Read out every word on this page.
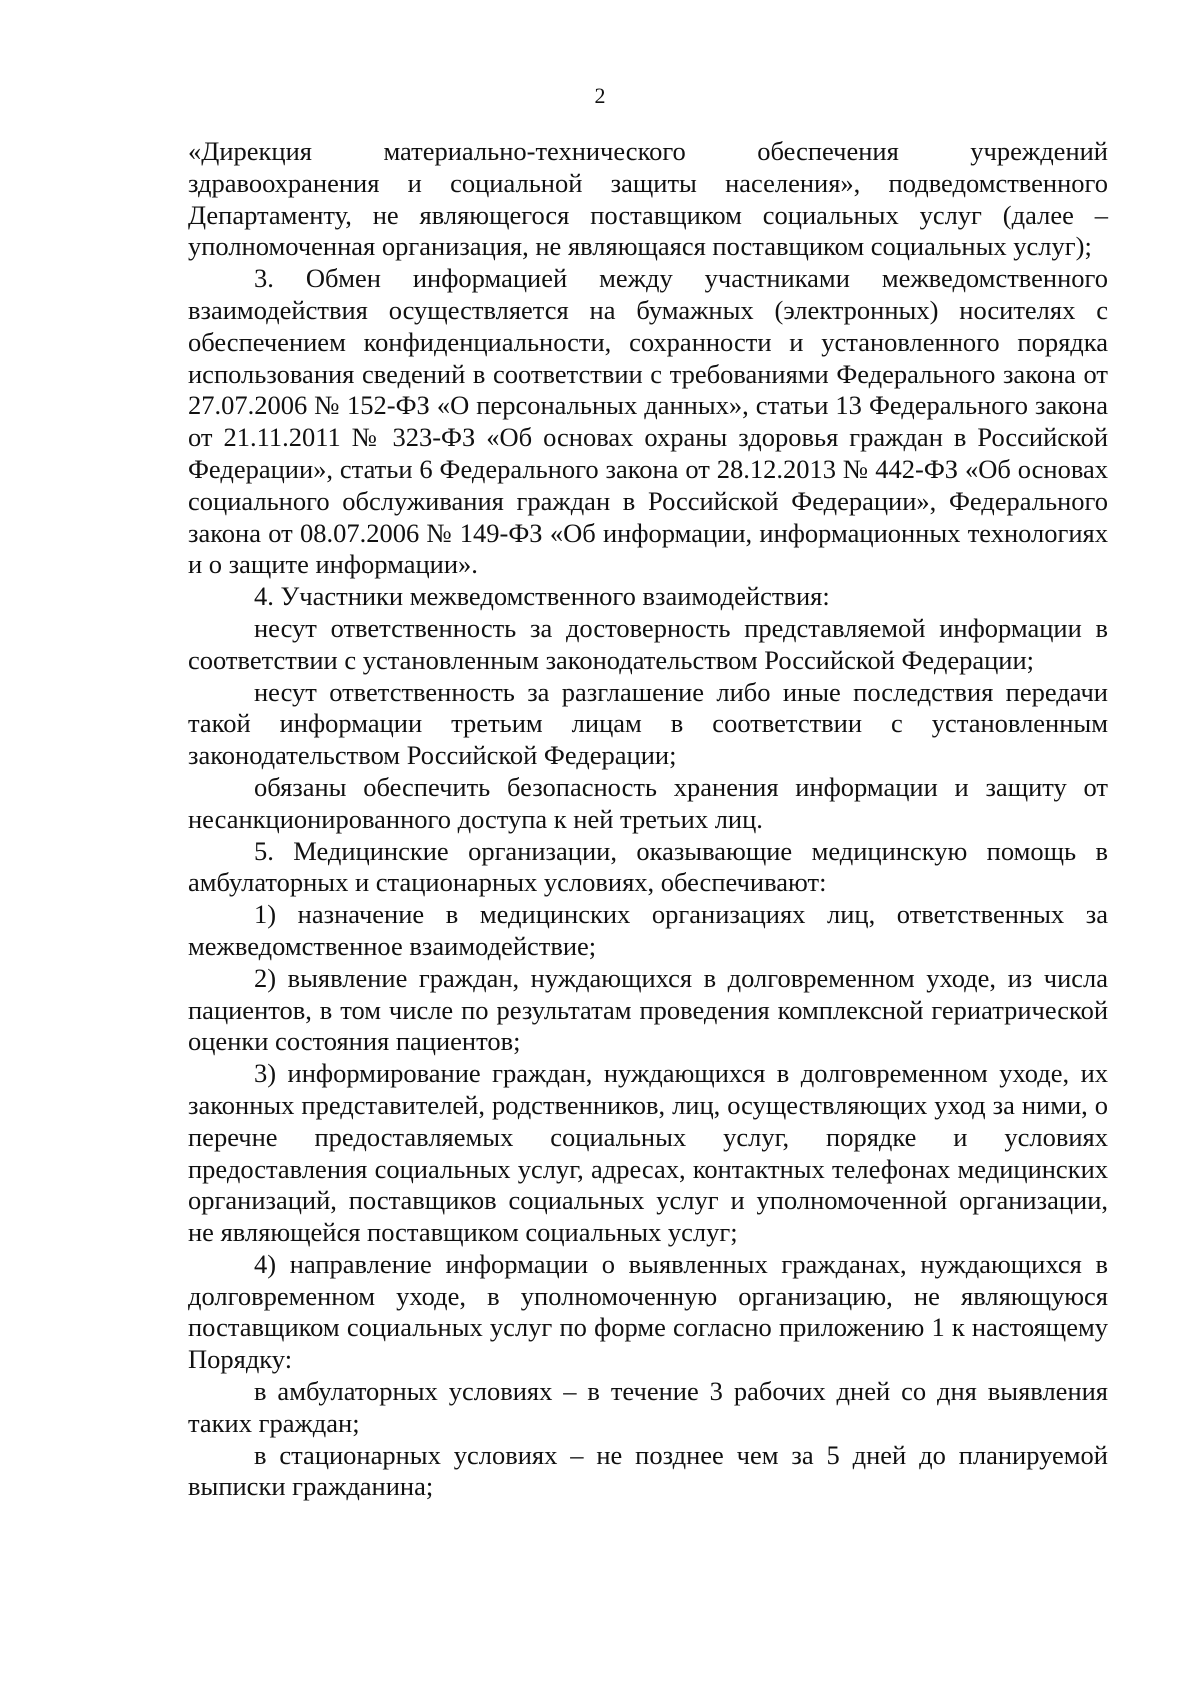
2

«Дирекция материально-технического обеспечения учреждений здравоохранения и социальной защиты населения», подведомственного Департаменту, не являющегося поставщиком социальных услуг (далее – уполномоченная организация, не являющаяся поставщиком социальных услуг);

3. Обмен информацией между участниками межведомственного взаимодействия осуществляется на бумажных (электронных) носителях с обеспечением конфиденциальности, сохранности и установленного порядка использования сведений в соответствии с требованиями Федерального закона от 27.07.2006 № 152-ФЗ «О персональных данных», статьи 13 Федерального закона от 21.11.2011 № 323-ФЗ «Об основах охраны здоровья граждан в Российской Федерации», статьи 6 Федерального закона от 28.12.2013 № 442-ФЗ «Об основах социального обслуживания граждан в Российской Федерации», Федерального закона от 08.07.2006 № 149-ФЗ «Об информации, информационных технологиях и о защите информации».

4. Участники межведомственного взаимодействия:

несут ответственность за достоверность представляемой информации в соответствии с установленным законодательством Российской Федерации;

несут ответственность за разглашение либо иные последствия передачи такой информации третьим лицам в соответствии с установленным законодательством Российской Федерации;

обязаны обеспечить безопасность хранения информации и защиту от несанкционированного доступа к ней третьих лиц.

5. Медицинские организации, оказывающие медицинскую помощь в амбулаторных и стационарных условиях, обеспечивают:

1) назначение в медицинских организациях лиц, ответственных за межведомственное взаимодействие;

2) выявление граждан, нуждающихся в долговременном уходе, из числа пациентов, в том числе по результатам проведения комплексной гериатрической оценки состояния пациентов;

3) информирование граждан, нуждающихся в долговременном уходе, их законных представителей, родственников, лиц, осуществляющих уход за ними, о перечне предоставляемых социальных услуг, порядке и условиях предоставления социальных услуг, адресах, контактных телефонах медицинских организаций, поставщиков социальных услуг и уполномоченной организации, не являющейся поставщиком социальных услуг;

4) направление информации о выявленных гражданах, нуждающихся в долговременном уходе, в уполномоченную организацию, не являющуюся поставщиком социальных услуг по форме согласно приложению 1 к настоящему Порядку:

в амбулаторных условиях – в течение 3 рабочих дней со дня выявления таких граждан;

в стационарных условиях – не позднее чем за 5 дней до планируемой выписки гражданина;
